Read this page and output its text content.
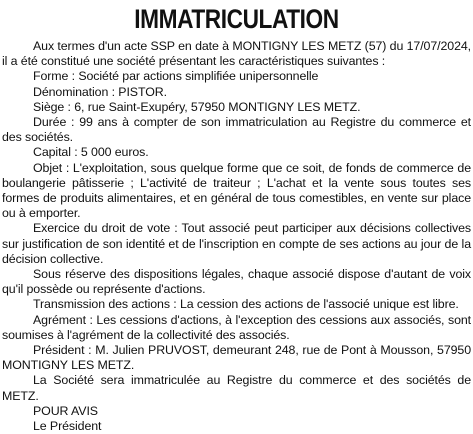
IMMATRICULATION

Aux termes d'un acte SSP en date à MONTIGNY LES METZ (57) du 17/07/2024, il a été constitué une société présentant les caractéristiques suivantes :

Forme : Société par actions simplifiée unipersonnelle

Dénomination : PISTOR.

Siège : 6, rue Saint-Exupéry, 57950 MONTIGNY LES METZ.

Durée : 99 ans à compter de son immatriculation au Registre du commerce et des sociétés.

Capital : 5 000 euros.

Objet : L'exploitation, sous quelque forme que ce soit, de fonds de commerce de boulangerie pâtisserie ; L'activité de traiteur ; L'achat et la vente sous toutes ses formes de produits alimentaires, et en général de tous comestibles, en vente sur place ou à emporter.

Exercice du droit de vote : Tout associé peut participer aux décisions collectives sur justification de son identité et de l'inscription en compte de ses actions au jour de la décision collective.

Sous réserve des dispositions légales, chaque associé dispose d'autant de voix qu'il possède ou représente d'actions.

Transmission des actions : La cession des actions de l'associé unique est libre.

Agrément : Les cessions d'actions, à l'exception des cessions aux associés, sont soumises à l'agrément de la collectivité des associés.

Président : M. Julien PRUVOST, demeurant 248, rue de Pont à Mousson, 57950 MONTIGNY LES METZ.

La Société sera immatriculée au Registre du commerce et des sociétés de METZ.

POUR AVIS

Le Président
